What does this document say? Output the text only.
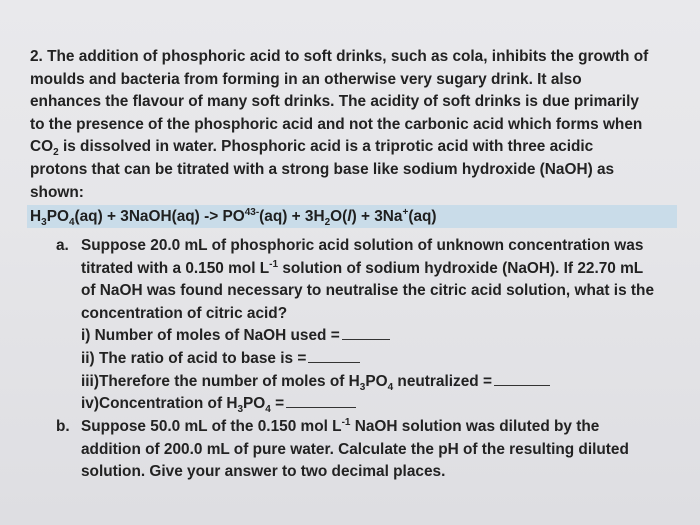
2. The addition of phosphoric acid to soft drinks, such as cola, inhibits the growth of
moulds and bacteria from forming in an otherwise very sugary drink. It also
enhances the flavour of many soft drinks. The acidity of soft drinks is due primarily
to the presence of the phosphoric acid and not the carbonic acid which forms when
$CO_2$ is dissolved in water. Phosphoric acid is a triprotic acid with three acidic
protons that can be titrated with a strong base like sodium hydroxide (NaOH) as
shown:
$H_3PO_4(aq)$ + 3NaOH(aq) -> $PO^{43-}(aq) + 3H_2O(l) + 3Na^+(aq)$
a. Suppose 20.0 mL of phosphoric acid solution of unknown concentration was
titrated with a 0.150 mol $L^{-1}$ solution of sodium hydroxide (NaOH). If 22.70 mL
of NaOH was found necessary to neutralise the citric acid solution, what is the
concentration of citric acid?
i) Number of moles of NaOH used =
ii) The ratio of acid to base is =
iii)Therefore the number of moles of $H_3PO_4$ neutralized =
iv)Concentration of $H_3PO_4$ =
b. Suppose 50.0 mL of the 0.150 mol $L^{-1}$ NaOH solution was diluted by the
addition of 200.0 mL of pure water. Calculate the pH of the resulting diluted
solution. Give your answer to two decimal places.
